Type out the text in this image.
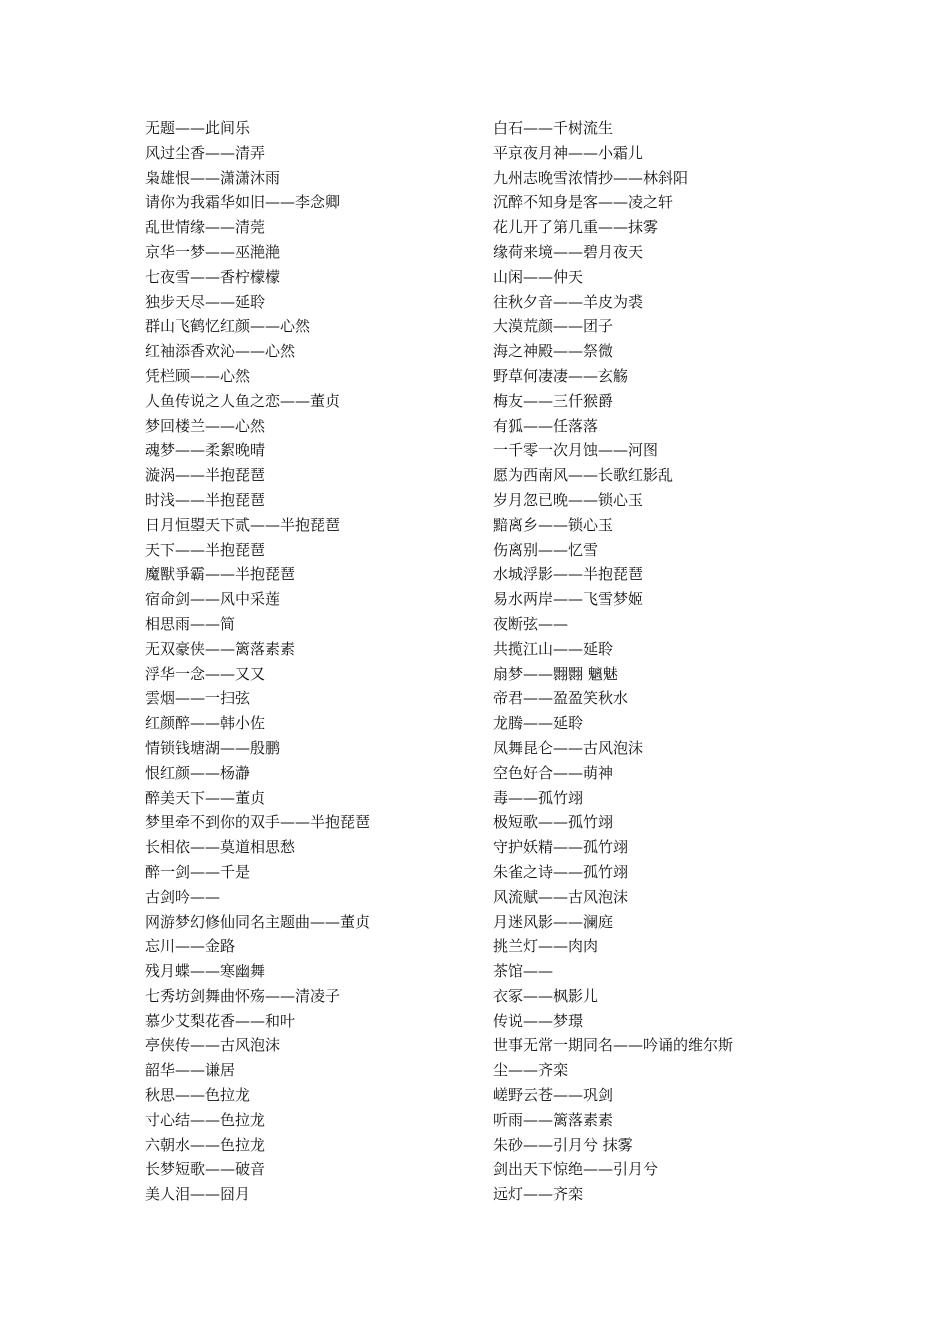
无题——此间乐
风过尘香——清弄
枭雄恨——潇潇沐雨
请你为我霜华如旧——李念卿
乱世情缘——清莞
京华一梦——巫滟滟
七夜雪——香柠檬檬
独步天尽——延聆
群山飞鹤忆红颜——心然
红袖添香欢沁——心然
凭栏顾——心然
人鱼传说之人鱼之恋——董贞
梦回楼兰——心然
魂梦——柔絮晚晴
漩涡——半抱琵琶
时浅——半抱琵琶
日月恒曌天下贰——半抱琵琶
天下——半抱琵琶
魔獸爭霸——半抱琵琶
宿命剑——风中采莲
相思雨——简
无双豪侠——篱落素素
浮华一念——又又
雲烟——一扫弦
红颜醉——韩小佐
情锁钱塘湖——殷鹏
恨红颜——杨瀞
醉美天下——董贞
梦里牵不到你的双手——半抱琵琶
长相依——莫道相思愁
醉一剑——千是
古剑吟——
网游梦幻修仙同名主题曲——董贞
忘川——金路
残月蝶——寒幽舞
七秀坊剑舞曲怀殇——清凌子
慕少艾梨花香——和叶
亭侠传——古风泡沫
韶华——谦居
秋思——色拉龙
寸心结——色拉龙
六朝水——色拉龙
长梦短歌——破音
美人泪——囧月
白石——千树流生
平京夜月神——小霜儿
九州志晚雪浓情抄——林斜阳
沉醉不知身是客——凌之轩
花儿开了第几重——抹雾
缘荷来境——碧月夜天
山闲——仲天
往秋夕音——羊皮为裘
大漠荒颜——团子
海之神殿——祭微
野草何凄凄——玄觞
梅友——三仟猴爵
有狐——任落落
一千零一次月蚀——河图
愿为西南风——长歌红影乱
岁月忽已晚——锁心玉
黯离乡——锁心玉
伤离别——忆雪
水城浮影——半抱琵琶
易水两岸——飞雪梦姬
夜断弦——
共揽江山——延聆
扇梦——翾翾 魑魅
帝君——盈盈笑秋水
龙腾——延聆
凤舞昆仑——古风泡沫
空色好合——萌神
毒——孤竹翊
极短歌——孤竹翊
守护妖精——孤竹翊
朱雀之诗——孤竹翊
风流赋——古风泡沫
月迷风影——澜庭
挑兰灯——肉肉
茶馆——
衣冢——枫影儿
传说——梦璟
世事无常一期同名——吟诵的维尔斯
尘——齐栾
嵯野云苍——巩剑
听雨——篱落素素
朱砂——引月兮 抹雾
剑出天下惊绝——引月兮
远灯——齐栾
